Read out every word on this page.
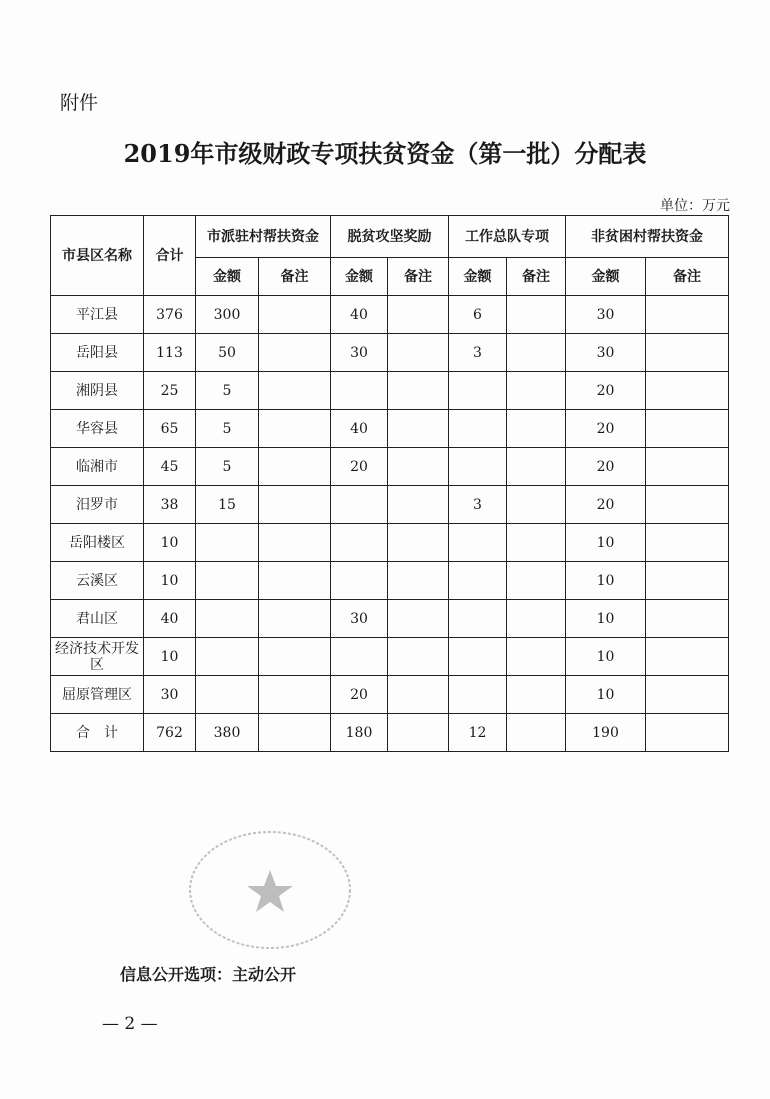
附件
2019年市级财政专项扶贫资金（第一批）分配表
单位：万元
市县区名称	合计	市派驻村帮扶资金		脱贫攻坚奖励		工作总队专项		非贫困村帮扶资金	
		金额	备注	金额	备注	金额	备注	金额	备注
平江县	376	300		40		6		30	
岳阳县	113	50		30		3		30	
湘阴县	25	5						20	
华容县	65	5		40				20	
临湘市	45	5		20				20	
汨罗市	38	15				3		20	
岳阳楼区	10							10	
云溪区	10							10	
君山区	40			30				10	
经济技术开发区	10							10	
屈原管理区	30			20				10	
合　计	762	380		180		12		190	
信息公开选项：主动公开
— 2 —
